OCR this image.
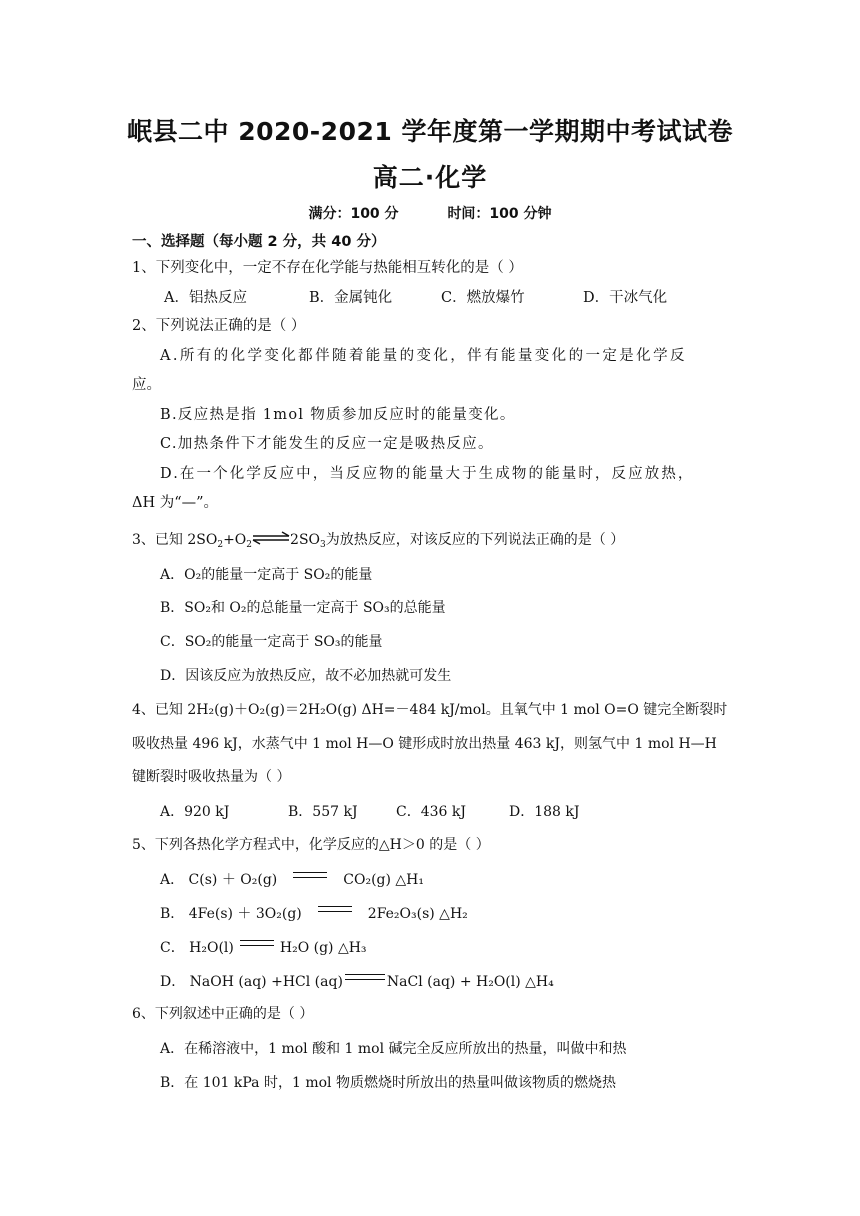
岷县二中 2020-2021 学年度第一学期期中考试试卷
高二·化学
满分：100 分	时间：100 分钟
一、选择题（每小题 2 分，共 40 分）
1、下列变化中，一定不存在化学能与热能相互转化的是（ ）
A．铝热反应	B．金属钝化	C．燃放爆竹	D．干冰气化
2、下列说法正确的是（ ）
A.所有的化学变化都伴随着能量的变化，伴有能量变化的一定是化学反
应。
B.反应热是指 1mol 物质参加反应时的能量变化。
C.加热条件下才能发生的反应一定是吸热反应。
D.在一个化学反应中，当反应物的能量大于生成物的能量时，反应放热，
ΔH 为“—”。
3、已知 $2SO_2+O_2\rightleftharpoons 2SO_3$为放热反应，对该反应的下列说法正确的是（ ）
A．O₂的能量一定高于 SO₂的能量
B．SO₂和 O₂的总能量一定高于 SO₃的总能量
C．SO₂的能量一定高于 SO₃的能量
D．因该反应为放热反应，故不必加热就可发生
4、已知 2H₂(g)＋O₂(g)＝2H₂O(g) ΔH=－484 kJ/mol。且氧气中 1 mol O=O 键完全断裂时
吸收热量 496 kJ，水蒸气中 1 mol H—O 键形成时放出热量 463 kJ，则氢气中 1 mol H—H
键断裂时吸收热量为（ ）
A．920 kJ	B．557 kJ	C．436 kJ	D．188 kJ
5、下列各热化学方程式中，化学反应的△H＞0 的是（ ）
A． C(s) ＋ O₂(g)	CO₂(g) △H₁
B． 4Fe(s) ＋ 3O₂(g)	2Fe₂O₃(s) △H₂
C． H₂O(l)	H₂O (g) △H₃
D． NaOH (aq) +HCl (aq)	NaCl (aq) + H₂O(l) △H₄
6、下列叙述中正确的是（ ）
A．在稀溶液中，1 mol 酸和 1 mol 碱完全反应所放出的热量，叫做中和热
B．在 101 kPa 时，1 mol 物质燃烧时所放出的热量叫做该物质的燃烧热
